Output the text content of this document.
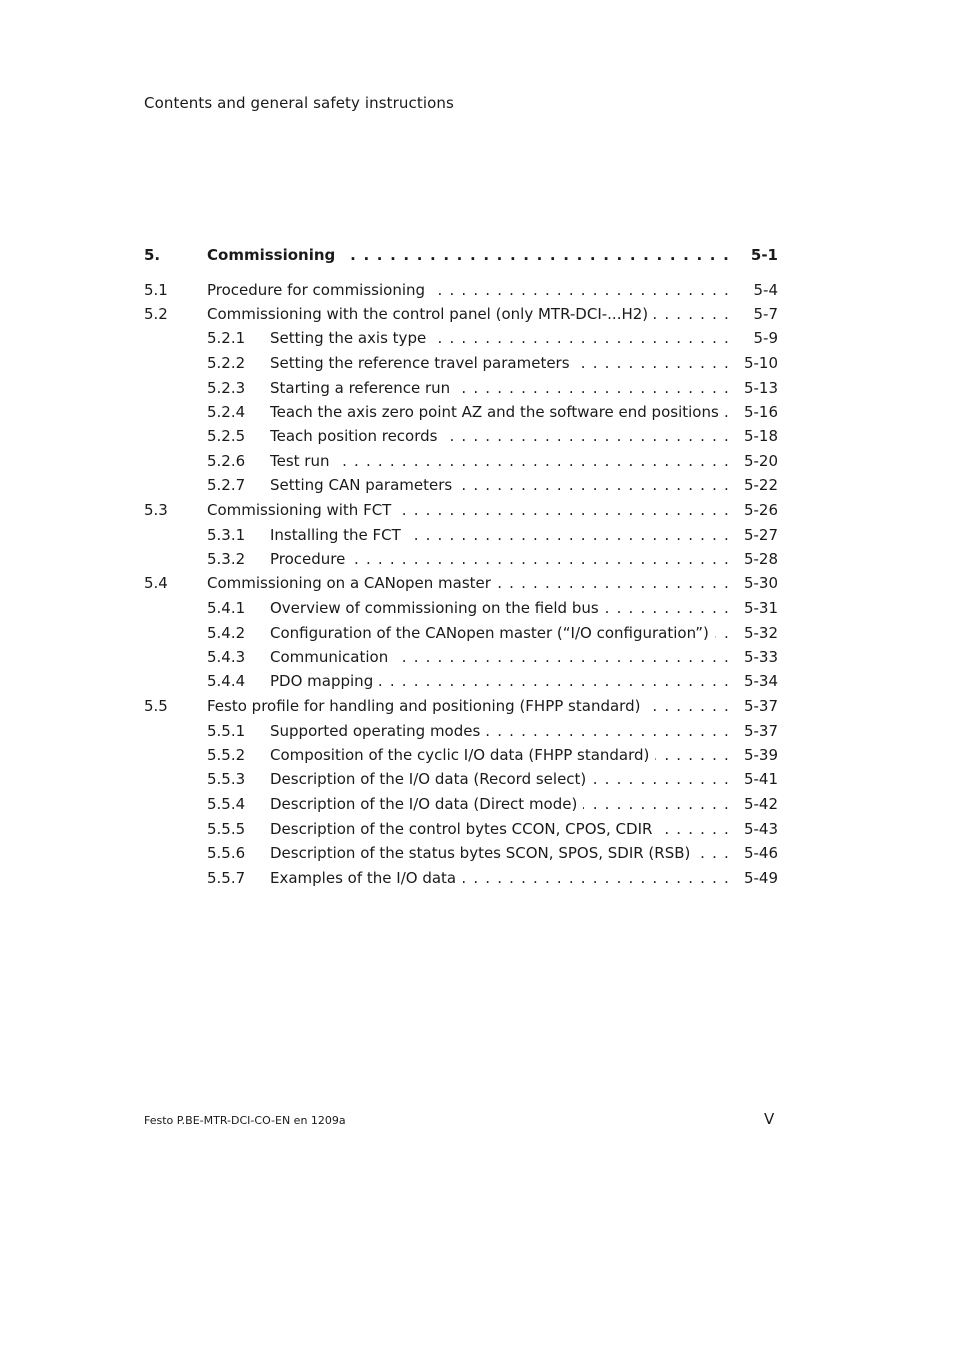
Contents and general safety instructions
5.	Commissioning . . .	5-1
5.1	Procedure for commissioning . . .	5-4
5.2	Commissioning with the control panel (only MTR-DCI-...H2) . . .	5-7
5.2.1 Setting the axis type . . .	5-9
5.2.2 Setting the reference travel parameters . . .	5-10
5.2.3 Starting a reference run . . .	5-13
5.2.4 Teach the axis zero point AZ and the software end positions . . .	5-16
5.2.5 Teach position records . . .	5-18
5.2.6 Test run . . .	5-20
5.2.7 Setting CAN parameters . . .	5-22
5.3	Commissioning with FCT . . .	5-26
5.3.1 Installing the FCT . . .	5-27
5.3.2 Procedure . . .	5-28
5.4	Commissioning on a CANopen master . . .	5-30
5.4.1 Overview of commissioning on the field bus . . .	5-31
5.4.2 Configuration of the CANopen master (“I/O configuration”) . . .	5-32
5.4.3 Communication . . .	5-33
5.4.4 PDO mapping . . .	5-34
5.5	Festo profile for handling and positioning (FHPP standard) . . .	5-37
5.5.1 Supported operating modes . . .	5-37
5.5.2 Composition of the cyclic I/O data (FHPP standard) . . .	5-39
5.5.3 Description of the I/O data (Record select) . . .	5-41
5.5.4 Description of the I/O data (Direct mode) . . .	5-42
5.5.5 Description of the control bytes CCON, CPOS, CDIR . . .	5-43
5.5.6 Description of the status bytes SCON, SPOS, SDIR (RSB) . . .	5-46
5.5.7 Examples of the I/O data . . .	5-49
Festo P.BE-MTR-DCI-CO-EN en 1209a	V
